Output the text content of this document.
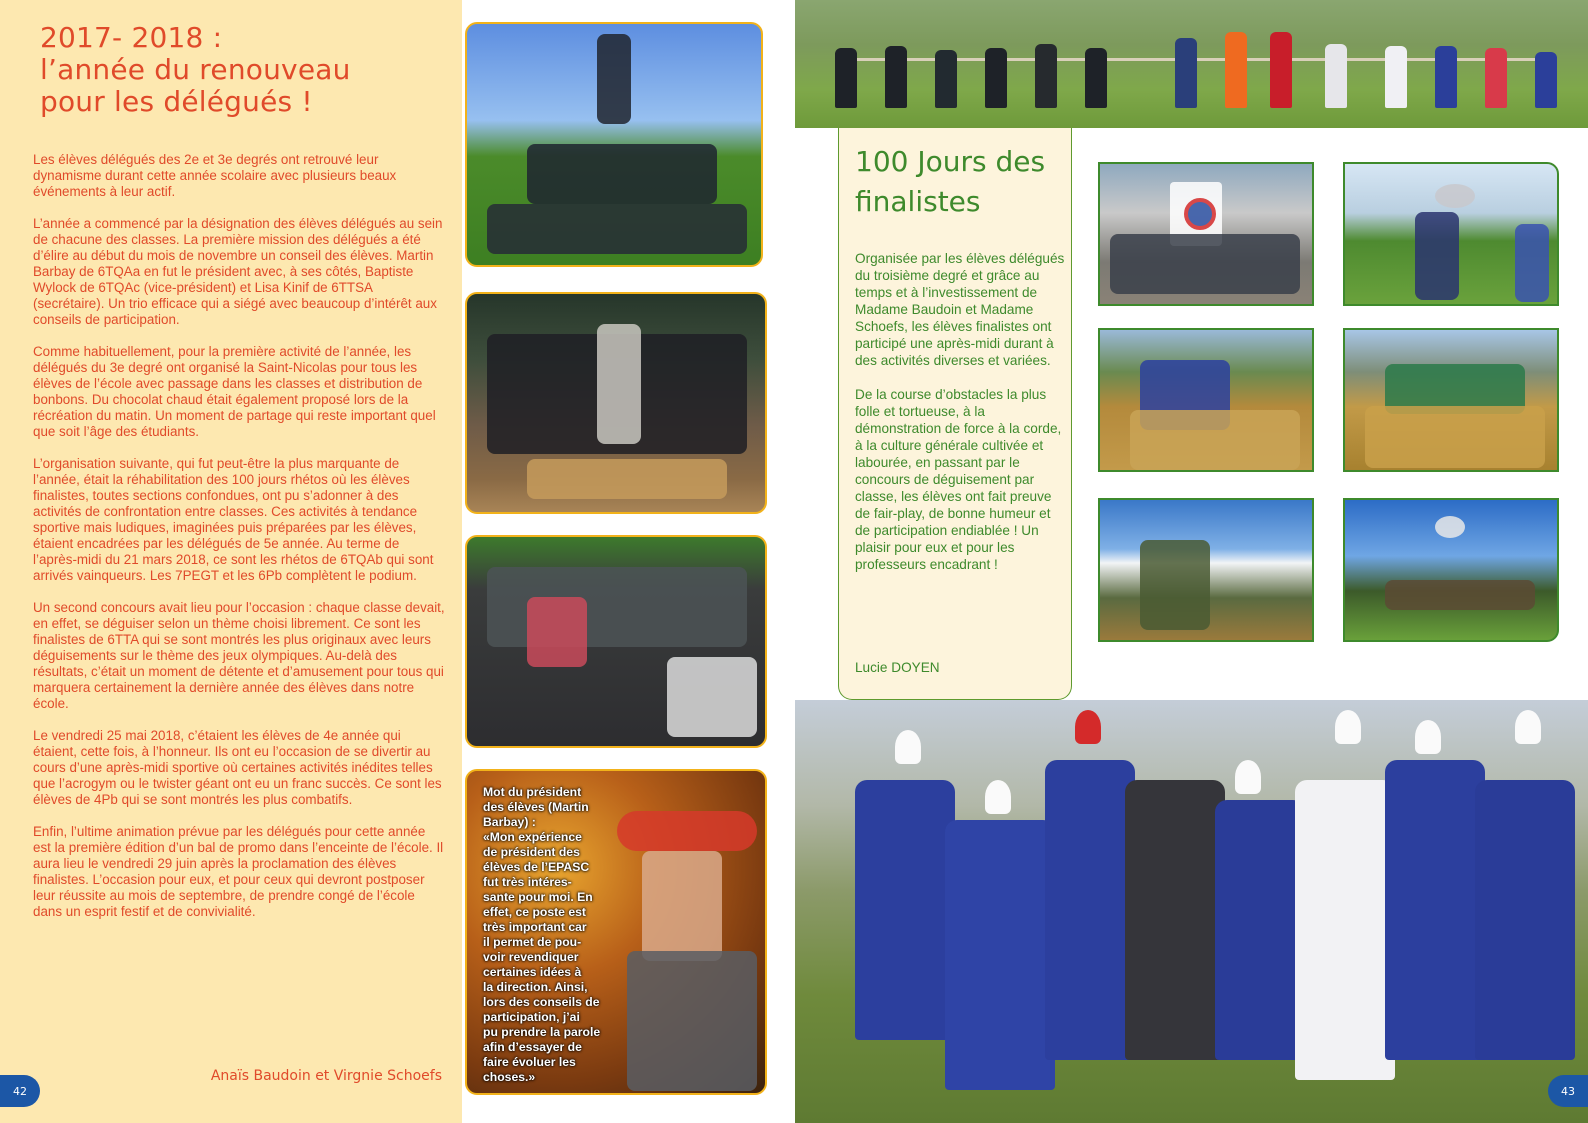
2017- 2018 :
l’année du renouveau
pour les délégués !

Les élèves délégués des 2e et 3e degrés ont retrouvé leur dynamisme durant cette année scolaire avec plusieurs beaux événements à leur actif.

L’année a commencé par la désignation des élèves délégués au sein de chacune des classes. La première mission des délégués a été d’élire au début du mois de novembre un conseil des élèves. Martin Barbay de 6TQAa en fut le président avec, à ses côtés, Baptiste Wylock de 6TQAc (vice-président) et Lisa Kinif de 6TTSA (secrétaire). Un trio efficace qui a siégé avec beaucoup d’intérêt aux conseils de participation.

Comme habituellement, pour la première activité de l’année, les délégués du 3e degré ont organisé la Saint-Nicolas pour tous les élèves de l’école avec passage dans les classes et distribution de bonbons. Du chocolat chaud était également proposé lors de la récréation du matin. Un moment de partage qui reste important quel que soit l’âge des étudiants.

L’organisation suivante, qui fut peut-être la plus marquante de l’année, était la réhabilitation des 100 jours rhétos où les élèves finalistes, toutes sections confondues, ont pu s’adonner à des activités de confrontation entre classes. Ces activités à tendance sportive mais ludiques, imaginées puis préparées par les élèves, étaient encadrées par les délégués de 5e année. Au terme de l’après-midi du 21 mars 2018, ce sont les rhétos de 6TQAb qui sont arrivés vainqueurs. Les 7PEGT et les 6Pb complètent le podium.

Un second concours avait lieu pour l’occasion : chaque classe devait, en effet, se déguiser selon un thème choisi librement. Ce sont les finalistes de 6TTA qui se sont montrés les plus originaux avec leurs déguisements sur le thème des jeux olympiques. Au-delà des résultats, c’était un moment de détente et d’amusement pour tous qui marquera certainement la dernière année des élèves dans notre école.

Le vendredi 25 mai 2018, c’étaient les élèves de 4e année qui étaient, cette fois, à l’honneur. Ils ont eu l’occasion de se divertir au cours d’une après-midi sportive où certaines activités inédites telles que l’acrogym ou le twister géant ont eu un franc succès. Ce sont les élèves de 4Pb qui se sont montrés les plus combatifs.

Enfin, l’ultime animation prévue par les délégués pour cette année est la première édition d’un bal de promo dans l’enceinte de l’école. Il aura lieu le vendredi 29 juin après la proclamation des élèves finalistes. L’occasion pour eux, et pour ceux qui devront postposer leur réussite au mois de septembre, de prendre congé de l’école dans un esprit festif et de convivialité.

Anaïs Baudoin et Virgnie Schoefs
42
Mot du président
des élèves (Martin
Barbay) :
«Mon expérience
de président des
élèves de l’EPASC
fut très intéres-
sante pour moi. En
effet, ce poste est
très important car
il permet de pou-
voir revendiquer
certaines idées à
la direction. Ainsi,
lors des conseils de
participation, j’ai
pu prendre la parole
afin d’essayer de
faire évoluer les
choses.»
100 Jours des
finalistes

Organisée par les élèves délégués du troisième degré et grâce au temps et à l’investissement de Madame Baudoin et Madame Schoefs, les élèves finalistes ont participé une après-midi durant à des activités diverses et variées.

De la course d’obstacles la plus folle et tortueuse, à la démonstration de force à la corde, à la culture générale cultivée et labourée, en passant par le concours de déguisement par classe, les élèves ont fait preuve de fair-play, de bonne humeur et de participation endiablée ! Un plaisir pour eux et pour les professeurs encadrant !

Lucie DOYEN
43
